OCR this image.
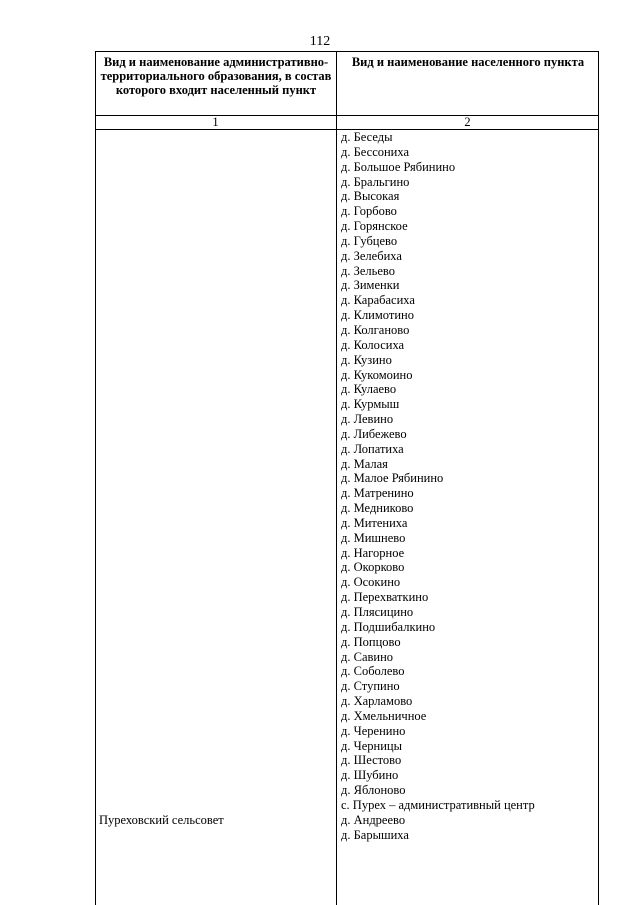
112
Вид и наименование административно-территориального образования, в состав которого входит населенный пункт
Вид и наименование населенного пункта
1	2
Пуреховский сельсовет
д. Беседы
д. Бессониха
д. Большое Рябинино
д. Бральгино
д. Высокая
д. Горбово
д. Горянское
д. Губцево
д. Зелебиха
д. Зельево
д. Зименки
д. Карабасиха
д. Климотино
д. Колганово
д. Колосиха
д. Кузино
д. Кукомоино
д. Кулаево
д. Курмыш
д. Левино
д. Либежево
д. Лопатиха
д. Малая
д. Малое Рябинино
д. Матренино
д. Медниково
д. Митениха
д. Мишнево
д. Нагорное
д. Окорково
д. Осокино
д. Перехваткино
д. Плясицино
д. Подшибалкино
д. Попцово
д. Савино
д. Соболево
д. Ступино
д. Харламово
д. Хмельничное
д. Черенино
д. Черницы
д. Шестово
д. Шубино
д. Яблоново
с. Пурех – административный центр
д. Андреево
д. Барышиха
